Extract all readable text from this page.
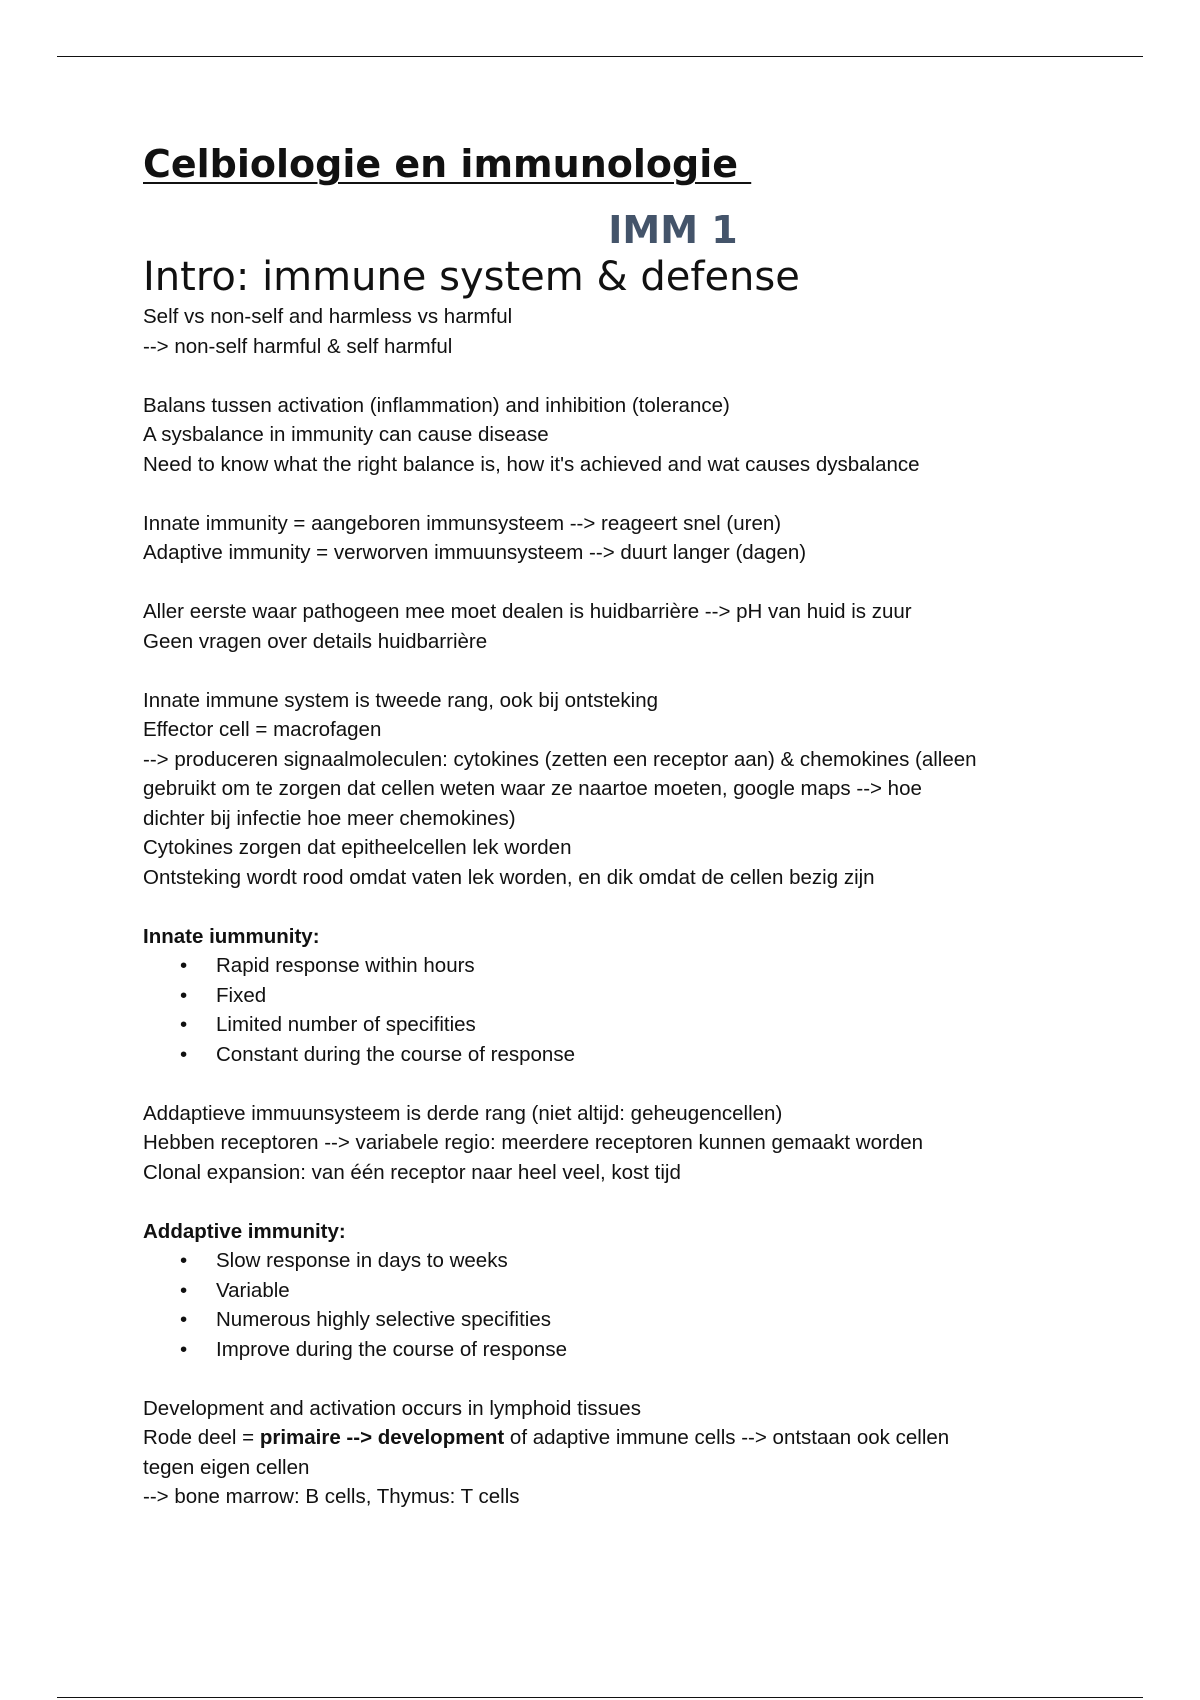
Celbiologie en immunologie
IMM 1
Intro: immune system & defense

Self vs non-self and harmless vs harmful

--> non-self harmful & self harmful

Balans tussen activation (inflammation) and inhibition (tolerance)

A sysbalance in immunity can cause disease

Need to know what the right balance is, how it's achieved and wat causes dysbalance

Innate immunity = aangeboren immunsysteem --> reageert snel (uren)

Adaptive immunity = verworven immuunsysteem --> duurt langer (dagen)

Aller eerste waar pathogeen mee moet dealen is huidbarrière --> pH van huid is zuur

Geen vragen over details huidbarrière

Innate immune system is tweede rang, ook bij ontsteking

Effector cell = macrofagen

--> produceren signaalmoleculen: cytokines (zetten een receptor aan) & chemokines (alleen

gebruikt om te zorgen dat cellen weten waar ze naartoe moeten, google maps --> hoe

dichter bij infectie hoe meer chemokines)

Cytokines zorgen dat epitheelcellen lek worden

Ontsteking wordt rood omdat vaten lek worden, en dik omdat de cellen bezig zijn

Innate iummunity:

• Rapid response within hours
• Fixed
• Limited number of specifities
• Constant during the course of response

Addaptieve immuunsysteem is derde rang (niet altijd: geheugencellen)

Hebben receptoren --> variabele regio: meerdere receptoren kunnen gemaakt worden

Clonal expansion: van één receptor naar heel veel, kost tijd

Addaptive immunity:

• Slow response in days to weeks
• Variable
• Numerous highly selective specifities
• Improve during the course of response

Development and activation occurs in lymphoid tissues

Rode deel = primaire --> development of adaptive immune cells --> ontstaan ook cellen

tegen eigen cellen

--> bone marrow: B cells, Thymus: T cells
